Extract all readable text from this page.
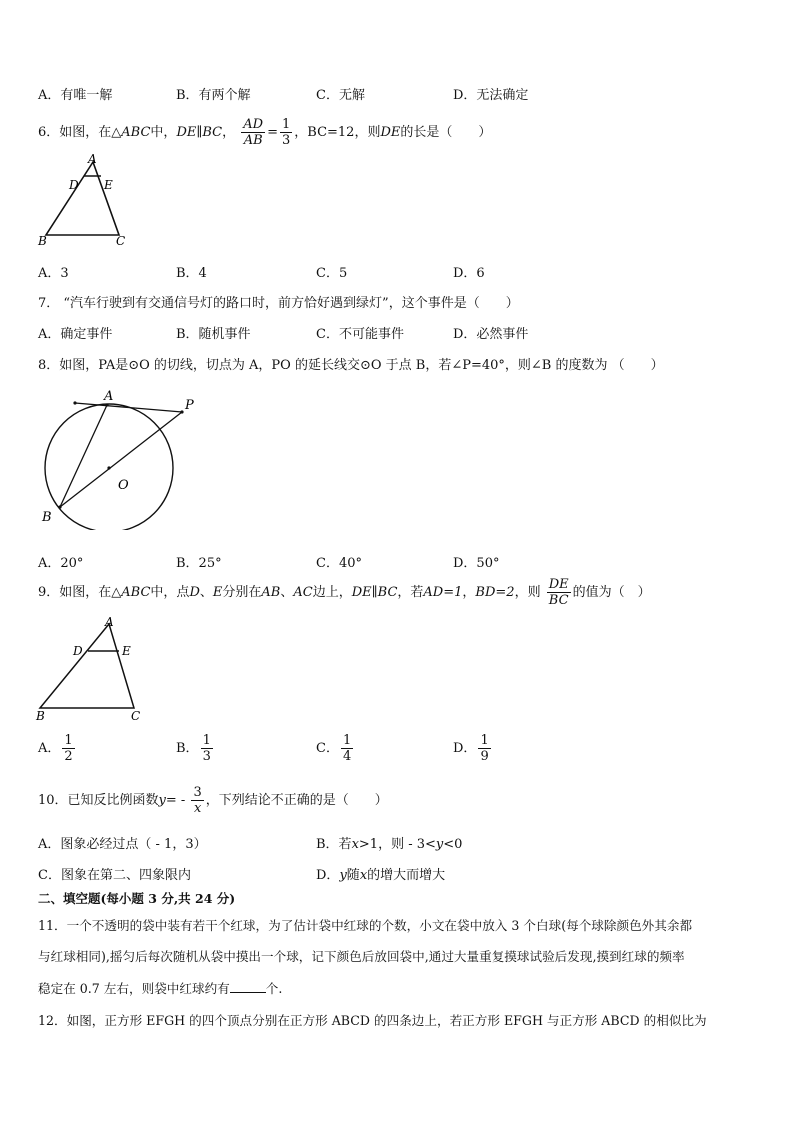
A．有唯一解	B．有两个解	C．无解	D．无法确定
6．如图，在△ABC中，DE∥BC， $\frac{AD}{AB} = \frac{1}{3}$ ，BC=12，则DE的长是（　　）
A
D E
B	C
A．3	B．4	C．5	D．6
7． “汽车行驶到有交通信号灯的路口时，前方恰好遇到绿灯”，这个事件是（　　）
A．确定事件	B．随机事件	C．不可能事件	D．必然事件
8．如图，PA是⊙O 的切线，切点为 A，PO 的延长线交⊙O 于点 B，若∠P=40°，则∠B 的度数为 （　　）
A
P
O
B
A．20°	B．25°	C．40°	D．50°
9．如图，在△ABC中，点D、E分别在AB、AC边上，DE∥BC，若AD=1，BD=2，则 $\frac{DE}{BC}$ 的值为（　）
A
D	E
B	C
A． $\frac{1}{2}$	B． $\frac{1}{3}$	C． $\frac{1}{4}$	D． $\frac{1}{9}$
10．已知反比例函数$y= - \frac{3}{x}$ ，下列结论不正确的是（　　）
A．图象必经过点（ - 1，3）	B．若x>1，则 - 3<y<0
C．图象在第二、四象限内	D．y随x的增大而增大
二、填空题(每小题 3 分,共 24 分)
11．一个不透明的袋中装有若干个红球，为了估计袋中红球的个数，小文在袋中放入 3 个白球(每个球除颜色外其余都
与红球相同),摇匀后每次随机从袋中摸出一个球，记下颜色后放回袋中,通过大量重复摸球试验后发现,摸到红球的频率
稳定在 0.7 左右，则袋中红球约有	个.
12．如图，正方形 EFGH 的四个顶点分别在正方形 ABCD 的四条边上，若正方形 EFGH 与正方形 ABCD 的相似比为
